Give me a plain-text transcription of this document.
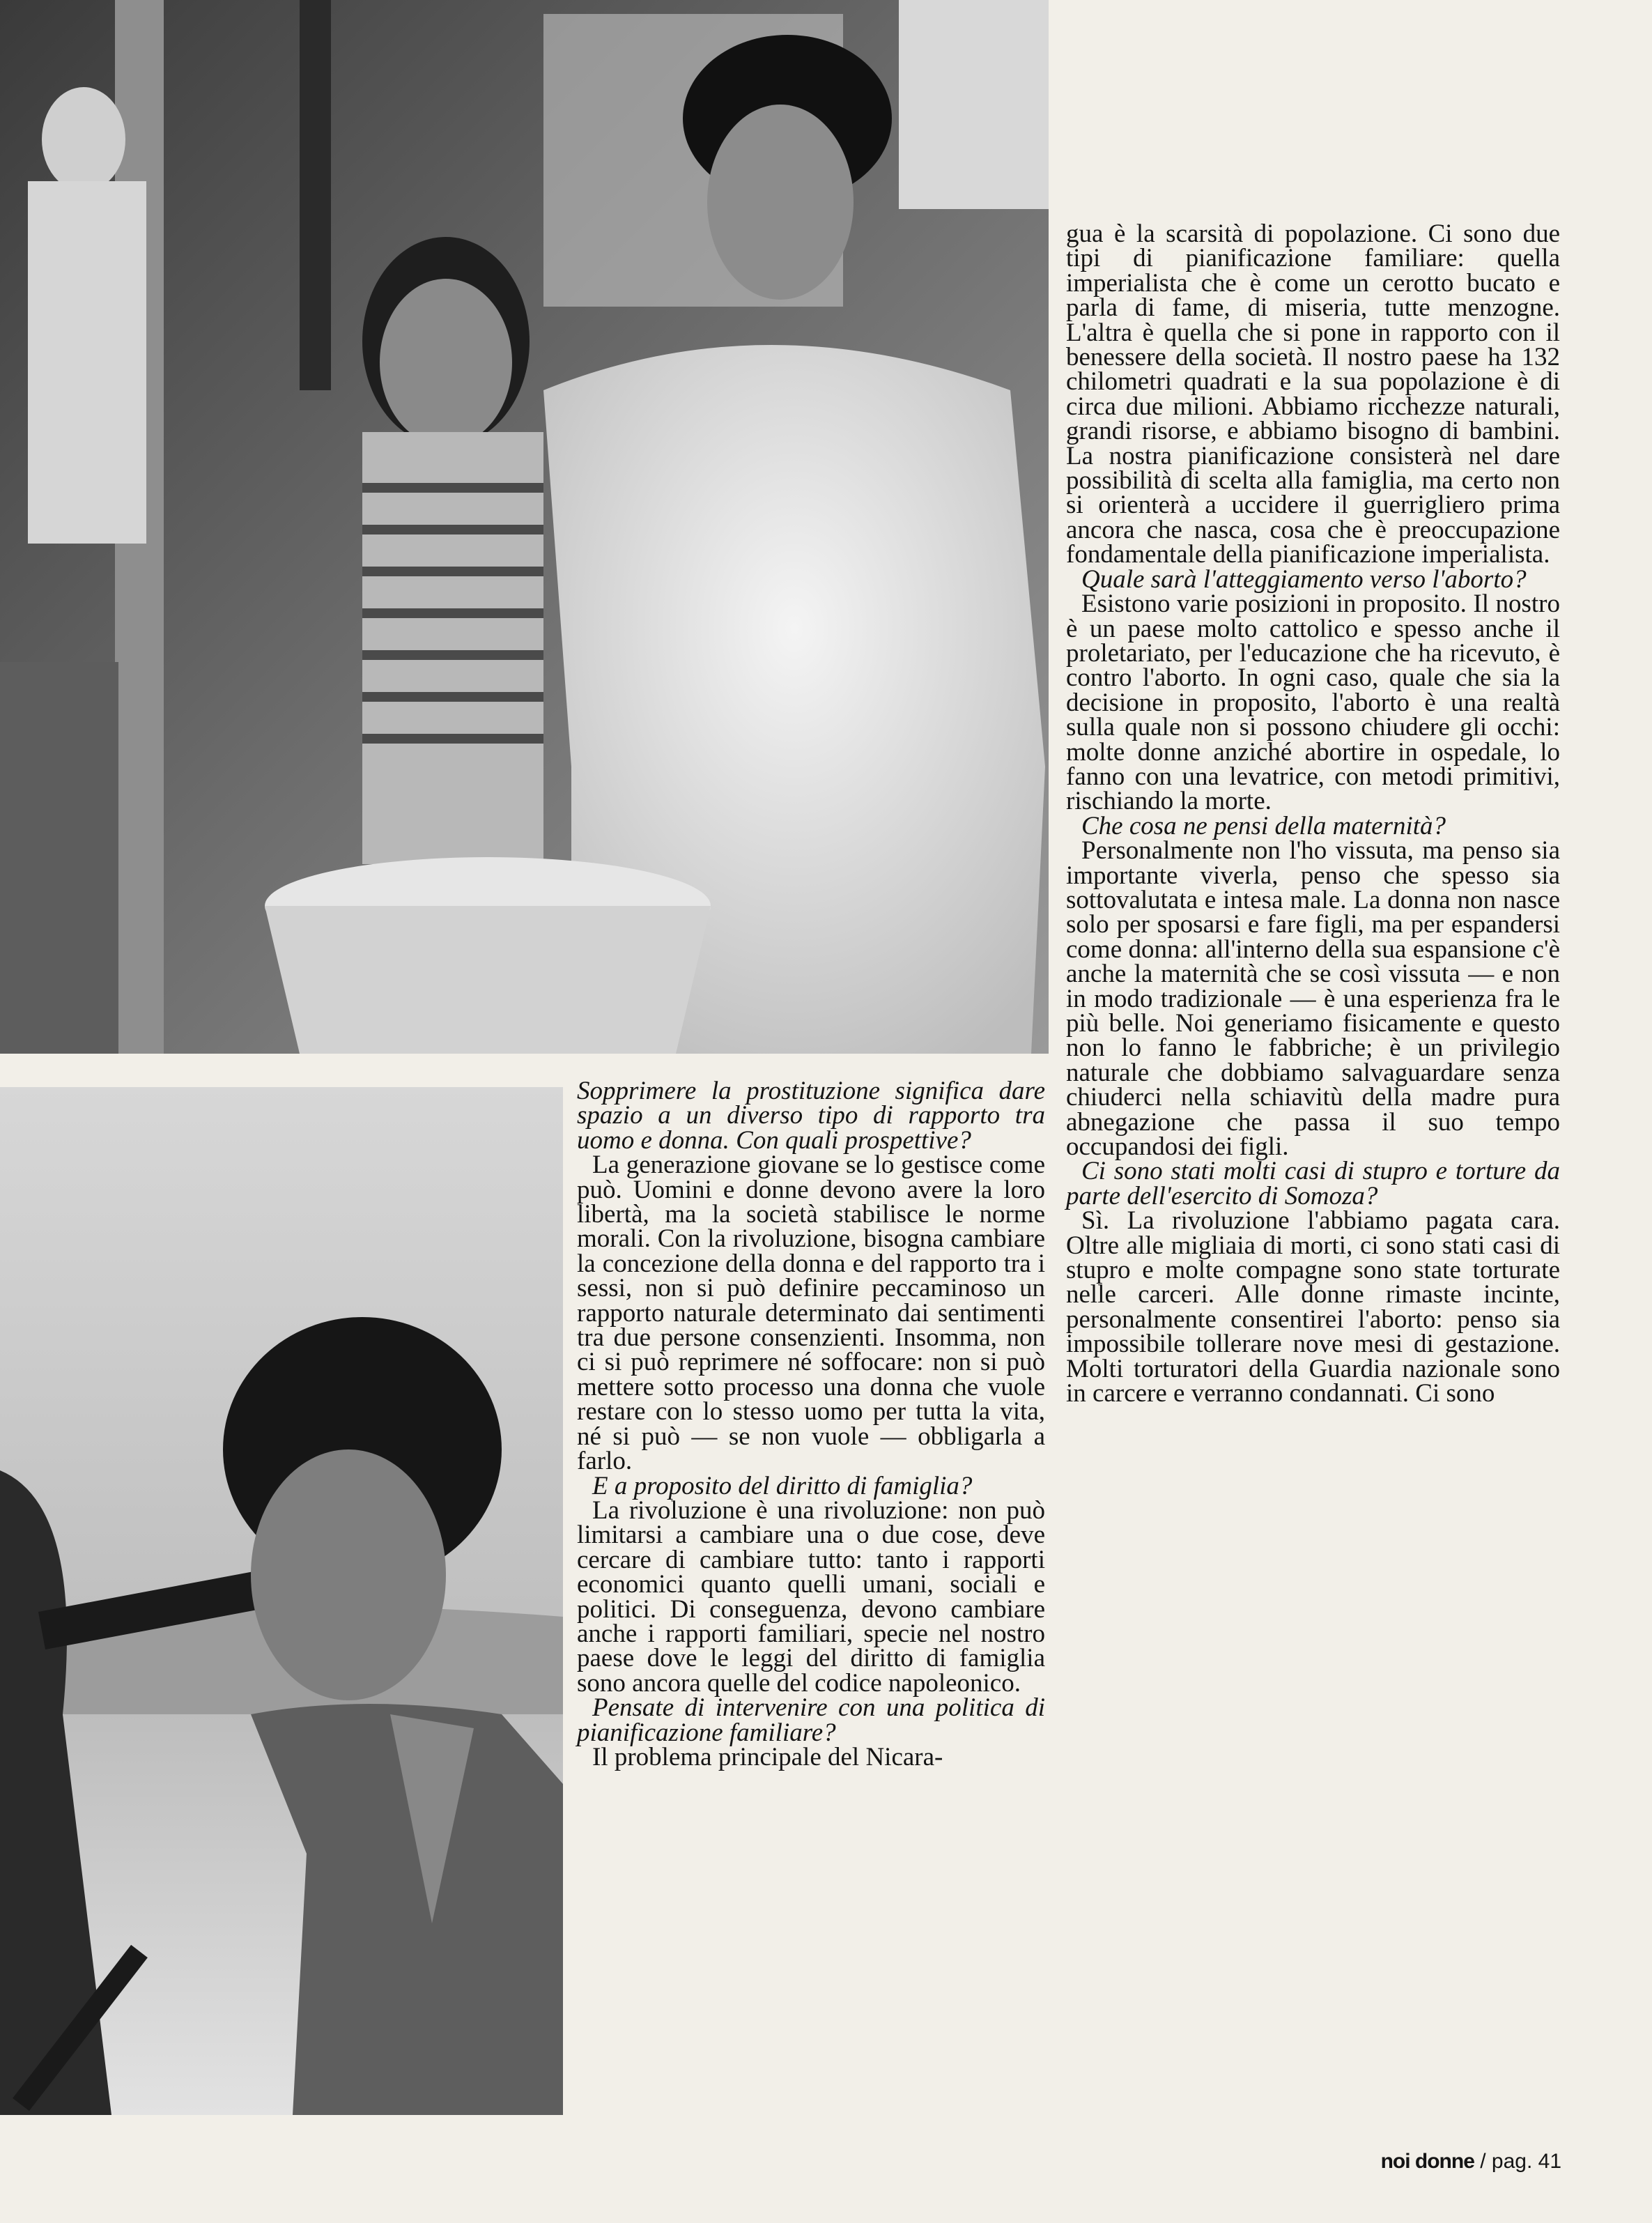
Sopprimere la prostituzione significa dare spazio a un diverso tipo di rapporto tra uomo e donna. Con quali prospettive?

La generazione giovane se lo gestisce come può. Uomini e donne devono avere la loro libertà, ma la società stabilisce le norme morali. Con la rivoluzione, bisogna cambiare la concezione della donna e del rapporto tra i sessi, non si può definire peccaminoso un rapporto naturale determinato dai sentimenti tra due persone consenzienti. Insomma, non ci si può reprimere né soffocare: non si può mettere sotto processo una donna che vuole restare con lo stesso uomo per tutta la vita, né si può — se non vuole — obbligarla a farlo.

E a proposito del diritto di famiglia?

La rivoluzione è una rivoluzione: non può limitarsi a cambiare una o due cose, deve cercare di cambiare tutto: tanto i rapporti economici quanto quelli umani, sociali e politici. Di conseguenza, devono cambiare anche i rapporti familiari, specie nel nostro paese dove le leggi del diritto di famiglia sono ancora quelle del codice napoleonico.

Pensate di intervenire con una politica di pianificazione familiare?

Il problema principale del Nicara-

gua è la scarsità di popolazione. Ci sono due tipi di pianificazione familiare: quella imperialista che è come un cerotto bucato e parla di fame, di miseria, tutte menzogne. L'altra è quella che si pone in rapporto con il benessere della società. Il nostro paese ha 132 chilometri quadrati e la sua popolazione è di circa due milioni. Abbiamo ricchezze naturali, grandi risorse, e abbiamo bisogno di bambini. La nostra pianificazione consisterà nel dare possibilità di scelta alla famiglia, ma certo non si orienterà a uccidere il guerrigliero prima ancora che nasca, cosa che è preoccupazione fondamentale della pianificazione imperialista.

Quale sarà l'atteggiamento verso l'aborto?

Esistono varie posizioni in proposito. Il nostro è un paese molto cattolico e spesso anche il proletariato, per l'educazione che ha ricevuto, è contro l'aborto. In ogni caso, quale che sia la decisione in proposito, l'aborto è una realtà sulla quale non si possono chiudere gli occhi: molte donne anziché abortire in ospedale, lo fanno con una levatrice, con metodi primitivi, rischiando la morte.

Che cosa ne pensi della maternità?

Personalmente non l'ho vissuta, ma penso sia importante viverla, penso che spesso sia sottovalutata e intesa male. La donna non nasce solo per sposarsi e fare figli, ma per espandersi come donna: all'interno della sua espansione c'è anche la maternità che se così vissuta — e non in modo tradizionale — è una esperienza fra le più belle. Noi generiamo fisicamente e questo non lo fanno le fabbriche; è un privilegio naturale che dobbiamo salvaguardare senza chiuderci nella schiavitù della madre pura abnegazione che passa il suo tempo occupandosi dei figli.

Ci sono stati molti casi di stupro e torture da parte dell'esercito di Somoza?

Sì. La rivoluzione l'abbiamo pagata cara. Oltre alle migliaia di morti, ci sono stati casi di stupro e molte compagne sono state torturate nelle carceri. Alle donne rimaste incinte, personalmente consentirei l'aborto: penso sia impossibile tollerare nove mesi di gestazione. Molti torturatori della Guardia nazionale sono in carcere e verranno condannati. Ci sono

noi donne / pag. 41
